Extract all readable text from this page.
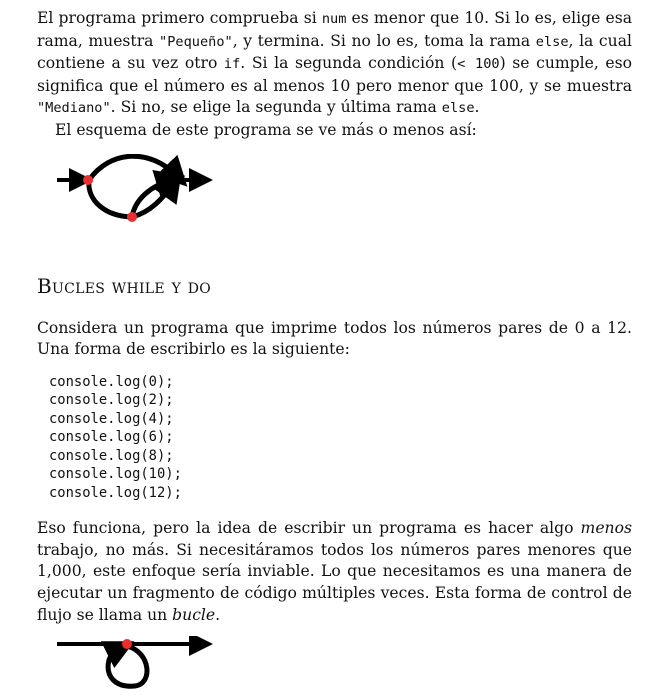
El programa primero comprueba si num es menor que 10. Si lo es, elige esa rama, muestra "Pequeño", y termina. Si no lo es, toma la rama else, la cual contiene a su vez otro if. Si la segunda condición (< 100) se cumple, eso significa que el número es al menos 10 pero menor que 100, y se muestra "Mediano". Si no, se elige la segunda y última rama else.

El esquema de este programa se ve más o menos así:

Bucles while y do

Considera un programa que imprime todos los números pares de 0 a 12. Una forma de escribirlo es la siguiente:

console.log(0);
console.log(2);
console.log(4);
console.log(6);
console.log(8);
console.log(10);
console.log(12);

Eso funciona, pero la idea de escribir un programa es hacer algo menos trabajo, no más. Si necesitáramos todos los números pares menores que 1,000, este enfoque sería inviable. Lo que necesitamos es una manera de ejecutar un fragmento de código múltiples veces. Esta forma de control de flujo se llama un bucle.
